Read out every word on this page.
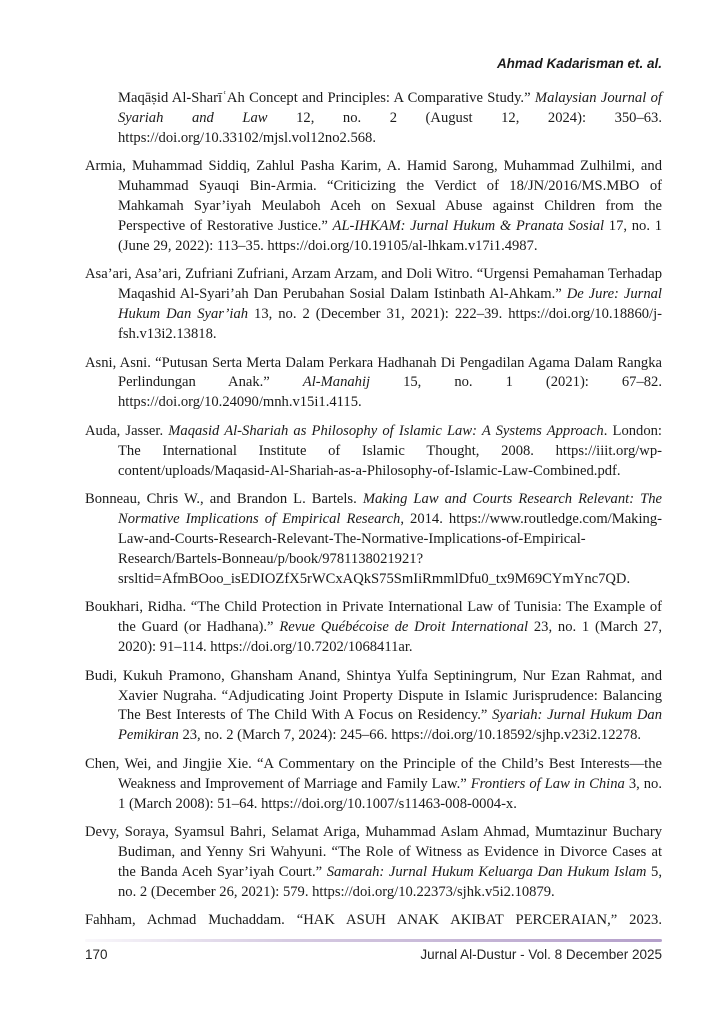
Ahmad Kadarisman et. al.

Maqāṣid Al-SharīʿAh Concept and Principles: A Comparative Study.” Malaysian Journal of Syariah and Law 12, no. 2 (August 12, 2024): 350–63. https://doi.org/10.33102/mjsl.vol12no2.568.

Armia, Muhammad Siddiq, Zahlul Pasha Karim, A. Hamid Sarong, Muhammad Zulhilmi, and Muhammad Syauqi Bin-Armia. “Criticizing the Verdict of 18/JN/2016/MS.MBO of Mahkamah Syar’iyah Meulaboh Aceh on Sexual Abuse against Children from the Perspective of Restorative Justice.” AL-IHKAM: Jurnal Hukum & Pranata Sosial 17, no. 1 (June 29, 2022): 113–35. https://doi.org/10.19105/al-lhkam.v17i1.4987.

Asa’ari, Asa’ari, Zufriani Zufriani, Arzam Arzam, and Doli Witro. “Urgensi Pemahaman Terhadap Maqashid Al-Syari’ah Dan Perubahan Sosial Dalam Istinbath Al-Ahkam.” De Jure: Jurnal Hukum Dan Syar’iah 13, no. 2 (December 31, 2021): 222–39. https://doi.org/10.18860/j-fsh.v13i2.13818.

Asni, Asni. “Putusan Serta Merta Dalam Perkara Hadhanah Di Pengadilan Agama Dalam Rangka Perlindungan Anak.” Al-Manahij 15, no. 1 (2021): 67–82. https://doi.org/10.24090/mnh.v15i1.4115.

Auda, Jasser. Maqasid Al-Shariah as Philosophy of Islamic Law: A Systems Approach. London: The International Institute of Islamic Thought, 2008. https://iiit.org/wp-content/uploads/Maqasid-Al-Shariah-as-a-Philosophy-of-Islamic-Law-Combined.pdf.

Bonneau, Chris W., and Brandon L. Bartels. Making Law and Courts Research Relevant: The Normative Implications of Empirical Research, 2014. https://www.routledge.com/Making-Law-and-Courts-Research-Relevant-The-Normative-Implications-of-Empirical-Research/Bartels-Bonneau/p/book/9781138021921?srsltid=AfmBOoo_isEDIOZfX5rWCxAQkS75SmIiRmmlDfu0_tx9M69CYmYnc7QD.

Boukhari, Ridha. “The Child Protection in Private International Law of Tunisia: The Example of the Guard (or Hadhana).” Revue Québécoise de Droit International 23, no. 1 (March 27, 2020): 91–114. https://doi.org/10.7202/1068411ar.

Budi, Kukuh Pramono, Ghansham Anand, Shintya Yulfa Septiningrum, Nur Ezan Rahmat, and Xavier Nugraha. “Adjudicating Joint Property Dispute in Islamic Jurisprudence: Balancing The Best Interests of The Child With A Focus on Residency.” Syariah: Jurnal Hukum Dan Pemikiran 23, no. 2 (March 7, 2024): 245–66. https://doi.org/10.18592/sjhp.v23i2.12278.

Chen, Wei, and Jingjie Xie. “A Commentary on the Principle of the Child’s Best Interests—the Weakness and Improvement of Marriage and Family Law.” Frontiers of Law in China 3, no. 1 (March 2008): 51–64. https://doi.org/10.1007/s11463-008-0004-x.

Devy, Soraya, Syamsul Bahri, Selamat Ariga, Muhammad Aslam Ahmad, Mumtazinur Buchary Budiman, and Yenny Sri Wahyuni. “The Role of Witness as Evidence in Divorce Cases at the Banda Aceh Syar’iyah Court.” Samarah: Jurnal Hukum Keluarga Dan Hukum Islam 5, no. 2 (December 26, 2021): 579. https://doi.org/10.22373/sjhk.v5i2.10879.

Fahham, Achmad Muchaddam. “HAK ASUH ANAK AKIBAT PERCERAIAN,” 2023.

170	Jurnal Al-Dustur - Vol. 8 December 2025
